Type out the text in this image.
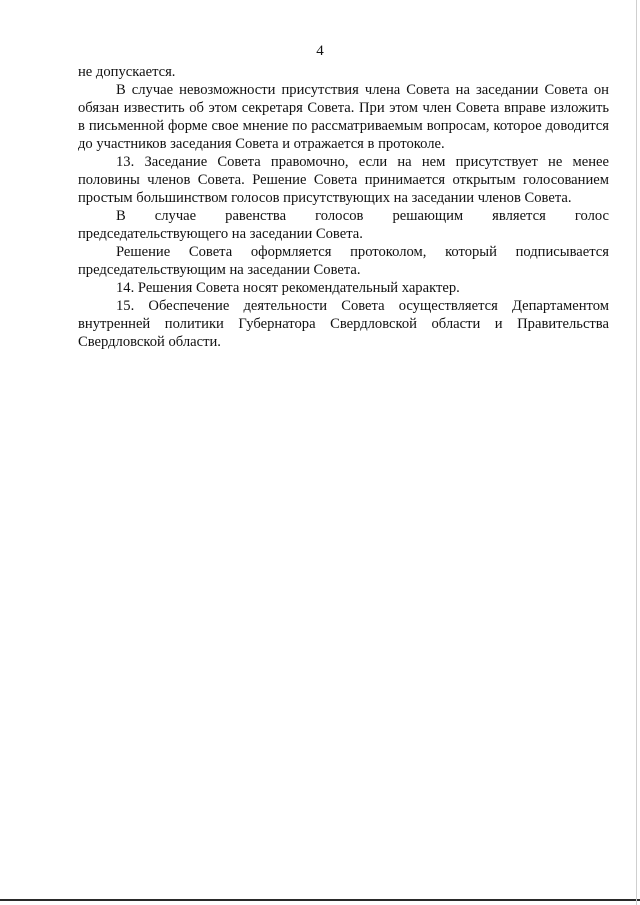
4

не допускается.

В случае невозможности присутствия члена Совета на заседании Совета он обязан известить об этом секретаря Совета. При этом член Совета вправе изложить в письменной форме свое мнение по рассматриваемым вопросам, которое доводится до участников заседания Совета и отражается в протоколе.

13. Заседание Совета правомочно, если на нем присутствует не менее половины членов Совета. Решение Совета принимается открытым голосованием простым большинством голосов присутствующих на заседании членов Совета.

В случае равенства голосов решающим является голос председательствующего на заседании Совета.

Решение Совета оформляется протоколом, который подписывается председательствующим на заседании Совета.

14. Решения Совета носят рекомендательный характер.

15. Обеспечение деятельности Совета осуществляется Департаментом внутренней политики Губернатора Свердловской области и Правительства Свердловской области.
